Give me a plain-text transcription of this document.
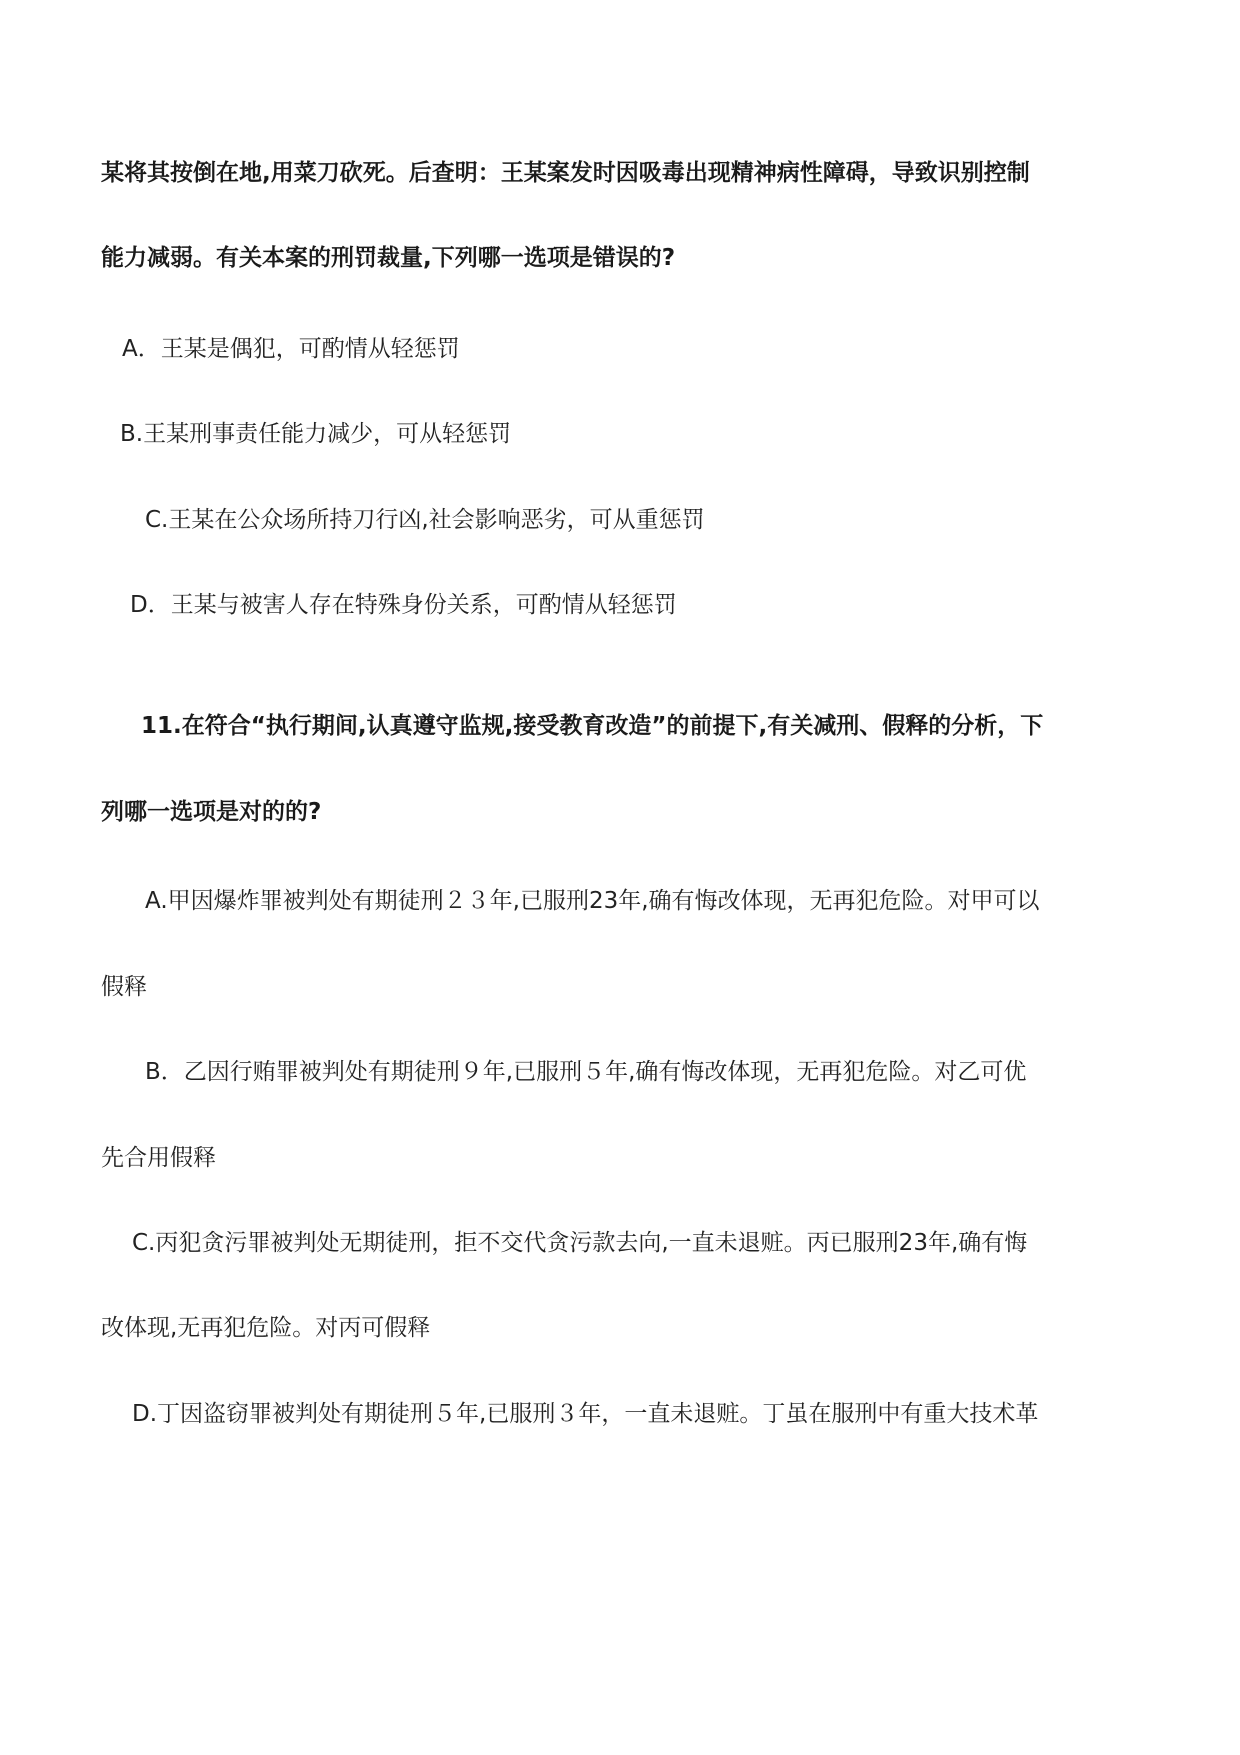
某将其按倒在地,用菜刀砍死。后查明：王某案发时因吸毒出现精神病性障碍，导致识别控制
能力减弱。有关本案的刑罚裁量,下列哪一选项是错误的?
A．王某是偶犯，可酌情从轻惩罚
B.王某刑事责任能力减少，可从轻惩罚
C.王某在公众场所持刀行凶,社会影响恶劣，可从重惩罚
D．王某与被害人存在特殊身份关系，可酌情从轻惩罚
11.在符合“执行期间,认真遵守监规,接受教育改造”的前提下,有关减刑、假释的分析，下
列哪一选项是对的的?
A.甲因爆炸罪被判处有期徒刑２３年,已服刑23年,确有悔改体现，无再犯危险。对甲可以
假释
B．乙因行贿罪被判处有期徒刑９年,已服刑５年,确有悔改体现，无再犯危险。对乙可优
先合用假释
C.丙犯贪污罪被判处无期徒刑，拒不交代贪污款去向,一直未退赃。丙已服刑23年,确有悔
改体现,无再犯危险。对丙可假释
D.丁因盗窃罪被判处有期徒刑５年,已服刑３年，一直未退赃。丁虽在服刑中有重大技术革
